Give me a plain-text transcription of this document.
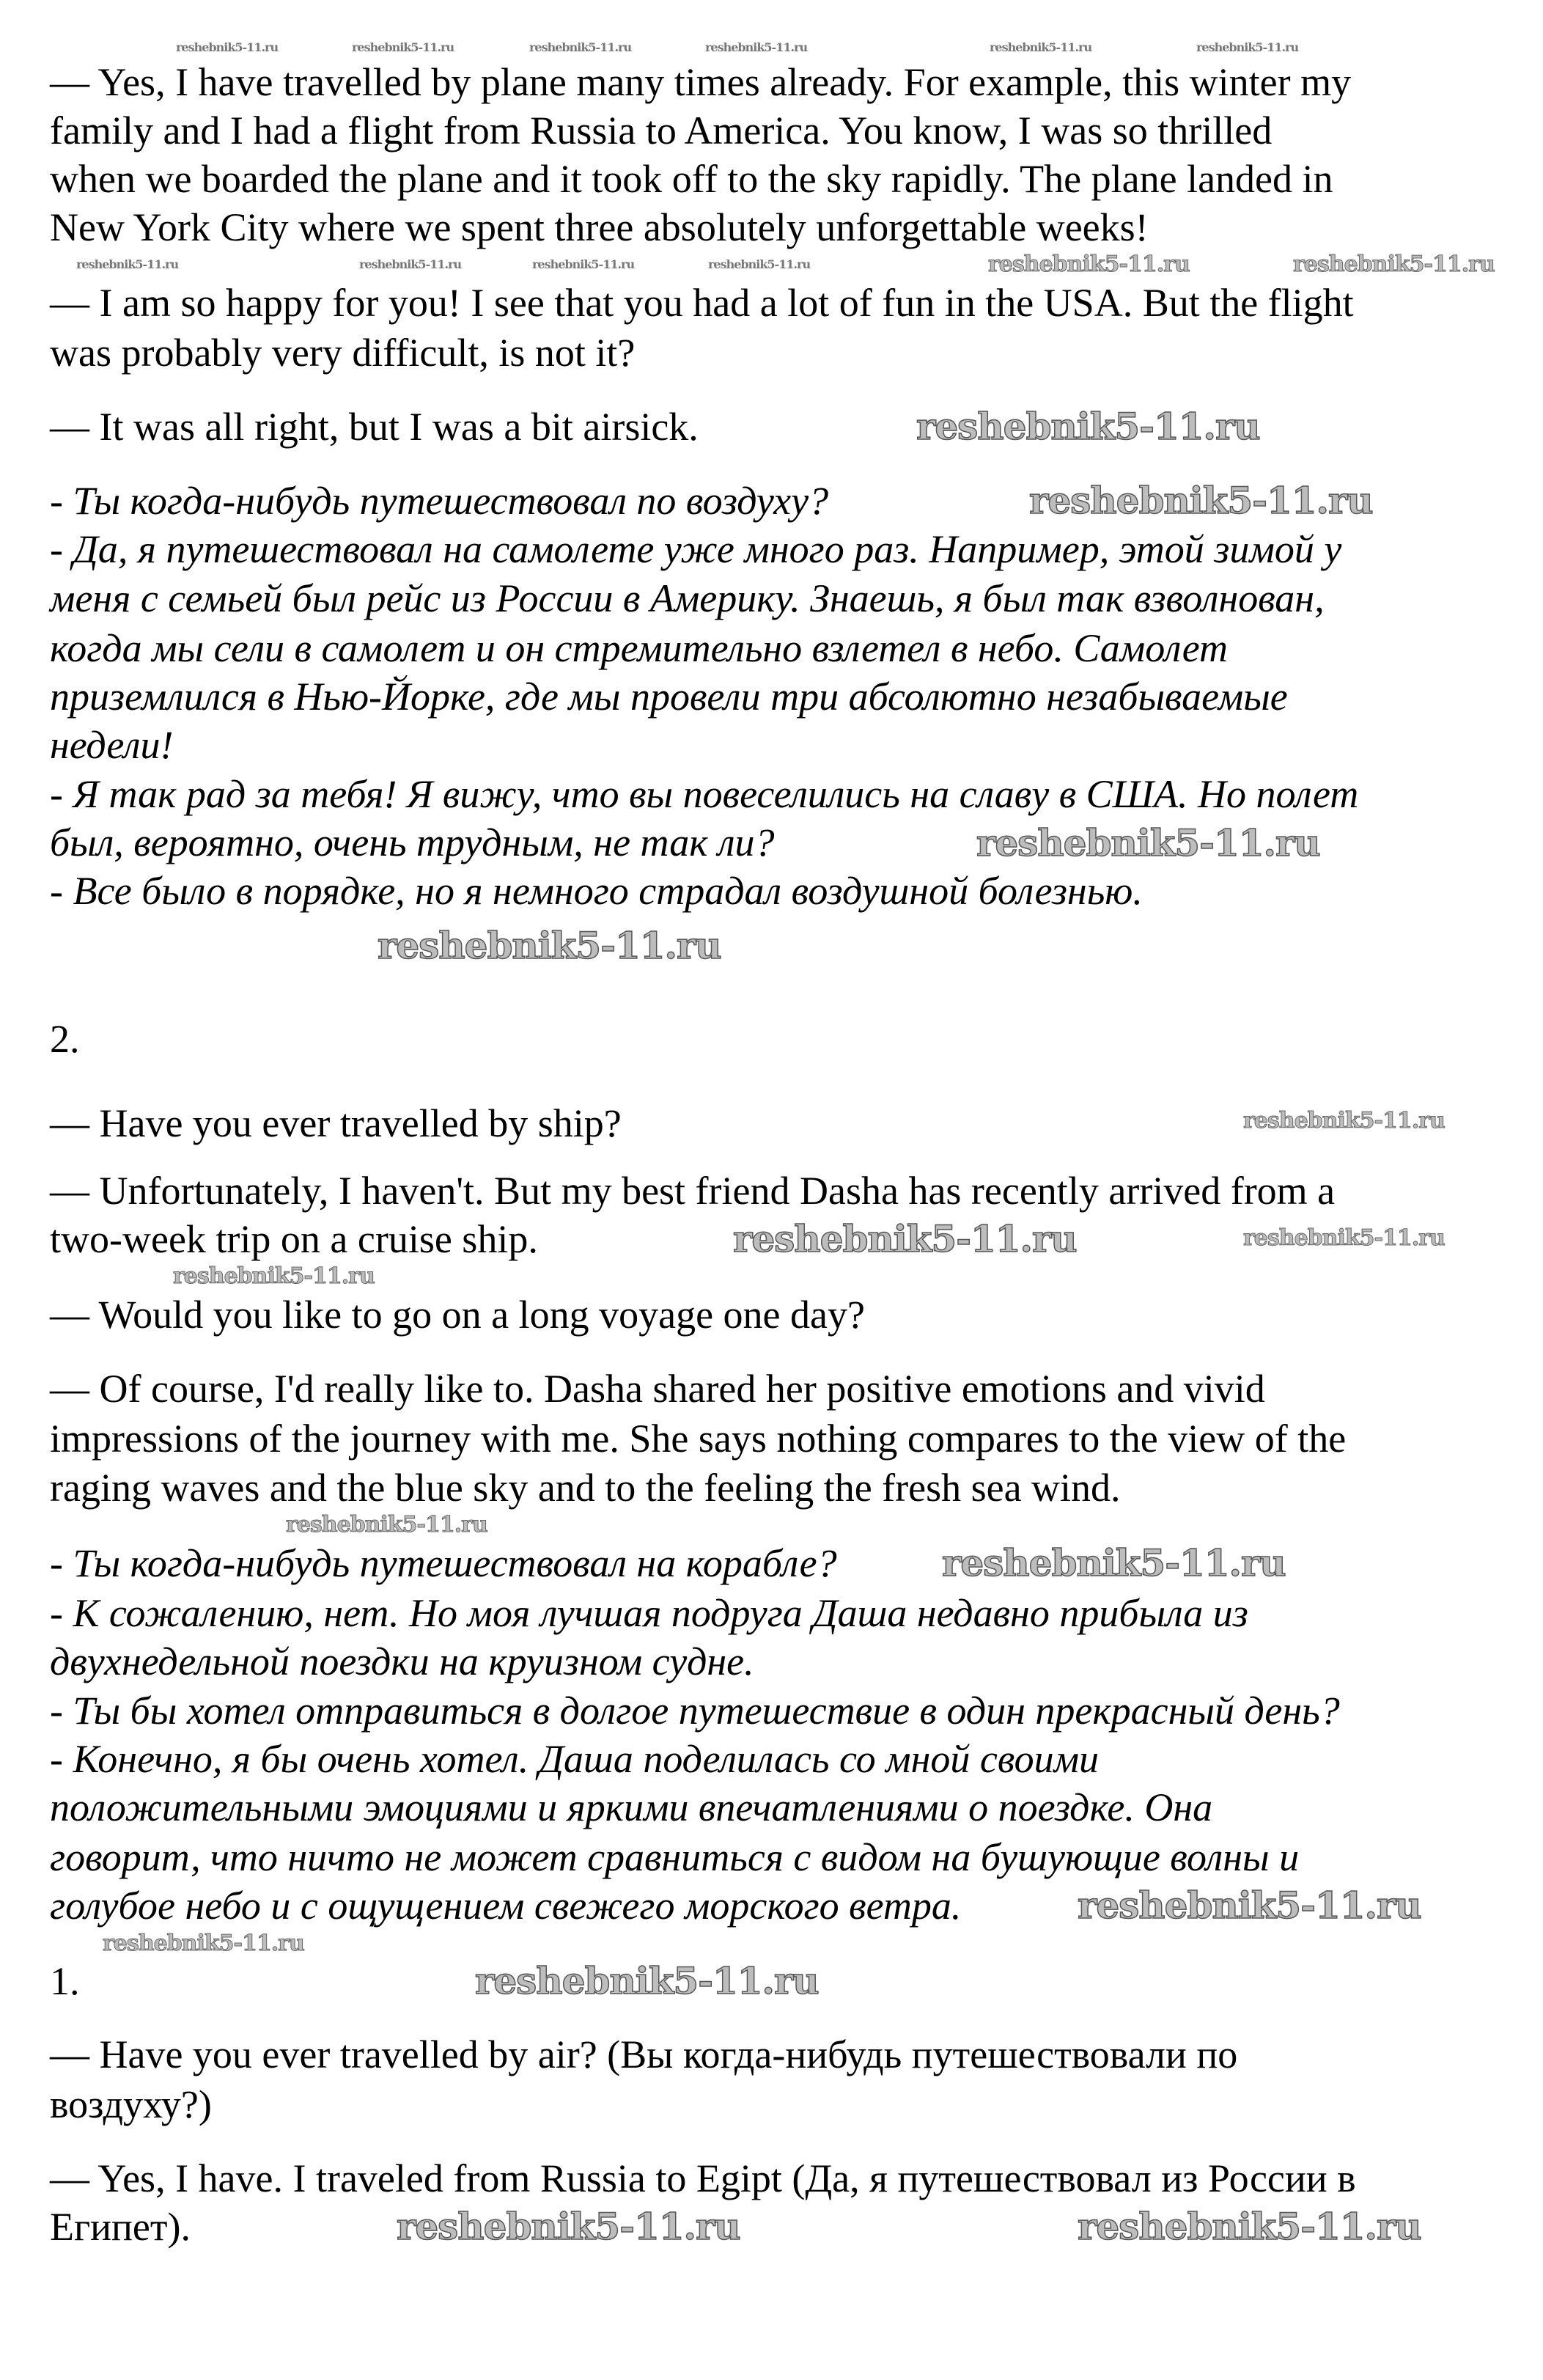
— Yes, I have travelled by plane many times already. For example, this winter my
family and I had a flight from Russia to America. You know, I was so thrilled
when we boarded the plane and it took off to the sky rapidly. The plane landed in
New York City where we spent three absolutely unforgettable weeks!
— I am so happy for you! I see that you had a lot of fun in the USA. But the flight
was probably very difficult, is not it?
— It was all right, but I was a bit airsick.
- Ты когда-нибудь путешествовал по воздуху?
- Да, я путешествовал на самолете уже много раз. Например, этой зимой у
меня с семьей был рейс из России в Америку. Знаешь, я был так взволнован,
когда мы сели в самолет и он стремительно взлетел в небо. Самолет
приземлился в Нью-Йорке, где мы провели три абсолютно незабываемые
недели!
- Я так рад за тебя! Я вижу, что вы повеселились на славу в США. Но полет
был, вероятно, очень трудным, не так ли?
- Все было в порядке, но я немного страдал воздушной болезнью.
2.
— Have you ever travelled by ship?
— Unfortunately, I haven't. But my best friend Dasha has recently arrived from a
two-week trip on a cruise ship.
— Would you like to go on a long voyage one day?
— Of course, I'd really like to. Dasha shared her positive emotions and vivid
impressions of the journey with me. She says nothing compares to the view of the
raging waves and the blue sky and to the feeling the fresh sea wind.
- Ты когда-нибудь путешествовал на корабле?
- К сожалению, нет. Но моя лучшая подруга Даша недавно прибыла из
двухнедельной поездки на круизном судне.
- Ты бы хотел отправиться в долгое путешествие в один прекрасный день?
- Конечно, я бы очень хотел. Даша поделилась со мной своими
положительными эмоциями и яркими впечатлениями о поездке. Она
говорит, что ничто не может сравниться с видом на бушующие волны и
голубое небо и с ощущением свежего морского ветра.
1.
— Have you ever travelled by air? (Вы когда-нибудь путешествовали по
воздуху?)
— Yes, I have. I traveled from Russia to Egipt (Да, я путешествовал из России в
Египет).
reshebnik5-11.ru
reshebnik5-11.ru
reshebnik5-11.ru
reshebnik5-11.ru
reshebnik5-11.ru
reshebnik5-11.ru
reshebnik5-11.ru
reshebnik5-11.ru
reshebnik5-11.ru	reshebnik5-11.ru
reshebnik5-11.ru	reshebnik5-11.ru
reshebnik5-11.ru
reshebnik5-11.ru
reshebnik5-11.ru
reshebnik5-11.ru
reshebnik5-11.ru
reshebnik5-11.ru	reshebnik5-11.ru	reshebnik5-11.ru	reshebnik5-11.ru	reshebnik5-11.ru	reshebnik5-11.ru
reshebnik5-11.ru	reshebnik5-11.ru	reshebnik5-11.ru	reshebnik5-11.ru
